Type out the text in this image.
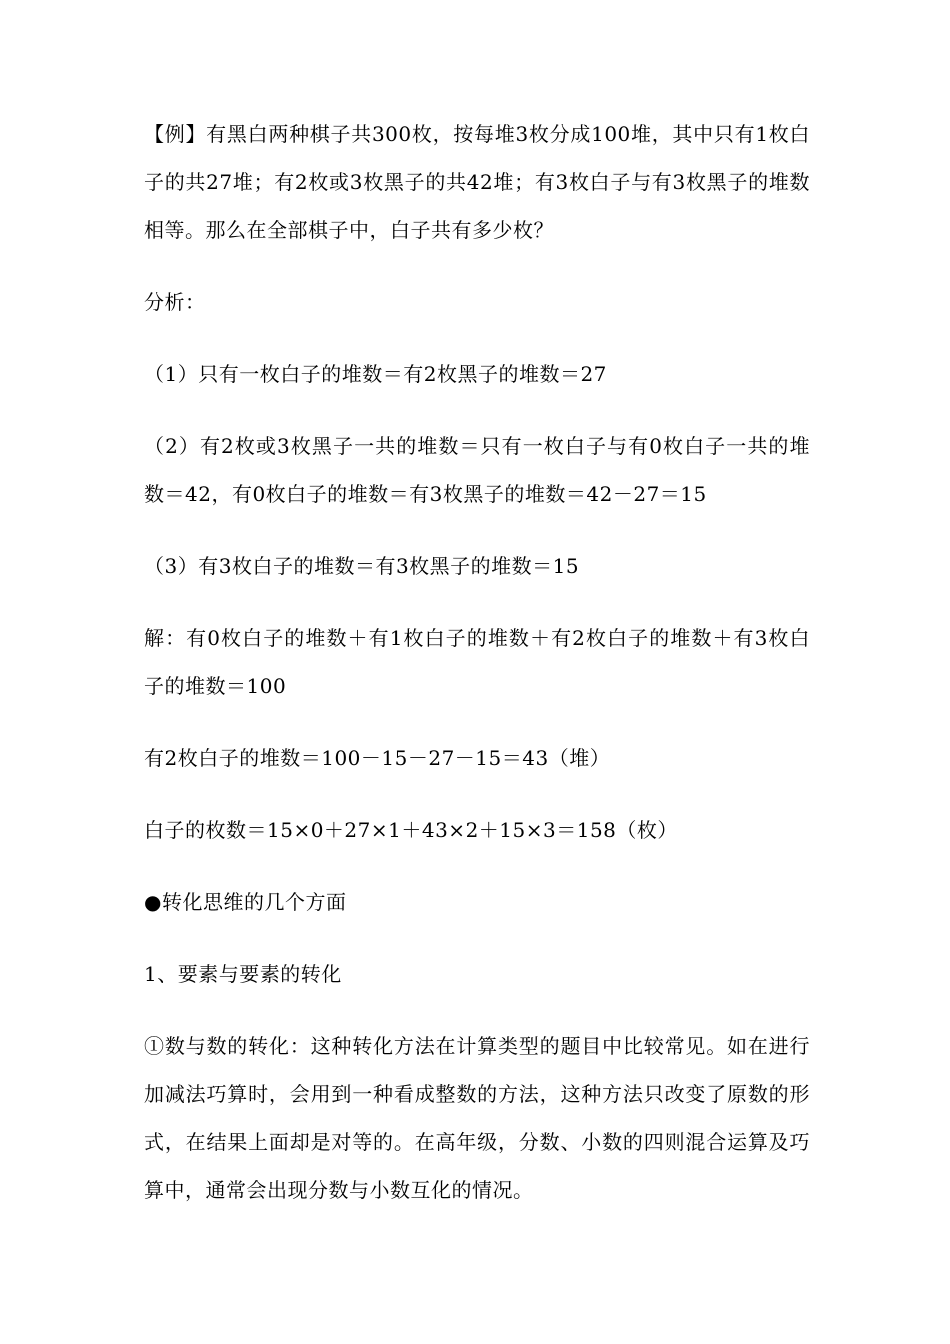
【例】有黑白两种棋子共300枚，按每堆3枚分成100堆，其中只有1枚白子的共27堆；有2枚或3枚黑子的共42堆；有3枚白子与有3枚黑子的堆数相等。那么在全部棋子中，白子共有多少枚？

分析：

（1）只有一枚白子的堆数＝有2枚黑子的堆数＝27

（2）有2枚或3枚黑子一共的堆数＝只有一枚白子与有0枚白子一共的堆数＝42，有0枚白子的堆数＝有3枚黑子的堆数＝42－27＝15

（3）有3枚白子的堆数＝有3枚黑子的堆数＝15

解：有0枚白子的堆数＋有1枚白子的堆数＋有2枚白子的堆数＋有3枚白子的堆数＝100

有2枚白子的堆数＝100－15－27－15＝43（堆）

白子的枚数＝15×0＋27×1＋43×2＋15×3＝158（枚）

●转化思维的几个方面

1、要素与要素的转化

①数与数的转化：这种转化方法在计算类型的题目中比较常见。如在进行加减法巧算时，会用到一种看成整数的方法，这种方法只改变了原数的形式，在结果上面却是对等的。在高年级，分数、小数的四则混合运算及巧算中，通常会出现分数与小数互化的情况。
